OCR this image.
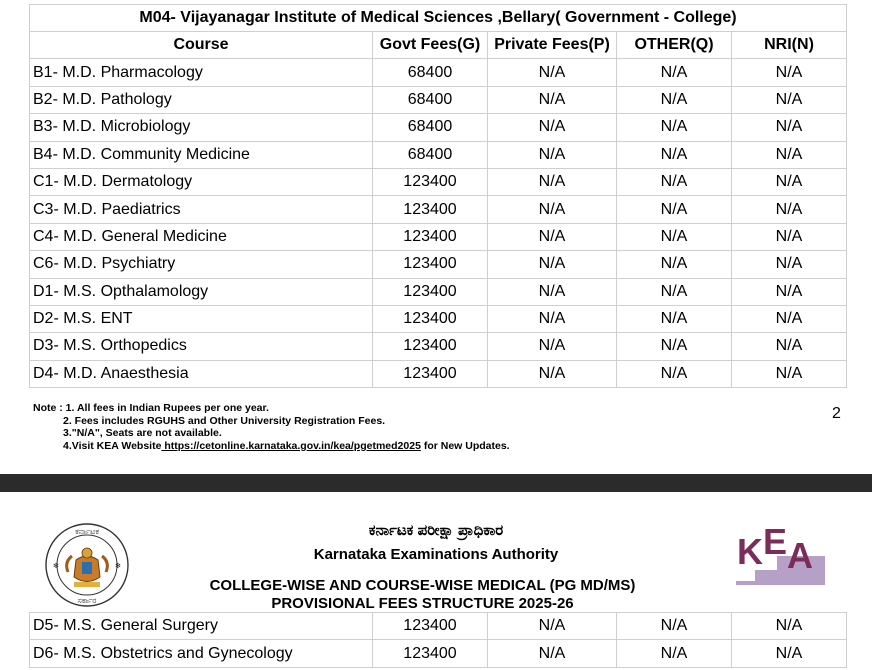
M04- Vijayanagar Institute of Medical Sciences ,Bellary( Government - College)				
Course	Govt Fees(G)	Private Fees(P)	OTHER(Q)	NRI(N)
B1- M.D. Pharmacology	68400	N/A	N/A	N/A
B2- M.D. Pathology	68400	N/A	N/A	N/A
B3- M.D. Microbiology	68400	N/A	N/A	N/A
B4- M.D. Community Medicine	68400	N/A	N/A	N/A
C1- M.D. Dermatology	123400	N/A	N/A	N/A
C3- M.D. Paediatrics	123400	N/A	N/A	N/A
C4- M.D. General Medicine	123400	N/A	N/A	N/A
C6- M.D. Psychiatry	123400	N/A	N/A	N/A
D1- M.S. Opthalamology	123400	N/A	N/A	N/A
D2- M.S. ENT	123400	N/A	N/A	N/A
D3- M.S. Orthopedics	123400	N/A	N/A	N/A
D4- M.D. Anaesthesia	123400	N/A	N/A	N/A
Note : 1. All fees in Indian Rupees per one year.
2. Fees includes RGUHS and Other University Registration Fees.
3."N/A", Seats are not available.
4.Visit KEA Website https://cetonline.karnataka.gov.in/kea/pgetmed2025 for New Updates.
2
ಕರ್ನಾಟಕ
ಸರ್ಕಾರ
✻	✻
ಕರ್ನಾಟಕ ಪರೀಕ್ಷಾ ಪ್ರಾಧಿಕಾರ
Karnataka Examinations Authority
COLLEGE-WISE AND COURSE-WISE MEDICAL (PG MD/MS)
PROVISIONAL FEES STRUCTURE 2025-26
KEA
D5- M.S. General Surgery	123400	N/A	N/A	N/A
D6- M.S. Obstetrics and Gynecology	123400	N/A	N/A	N/A
